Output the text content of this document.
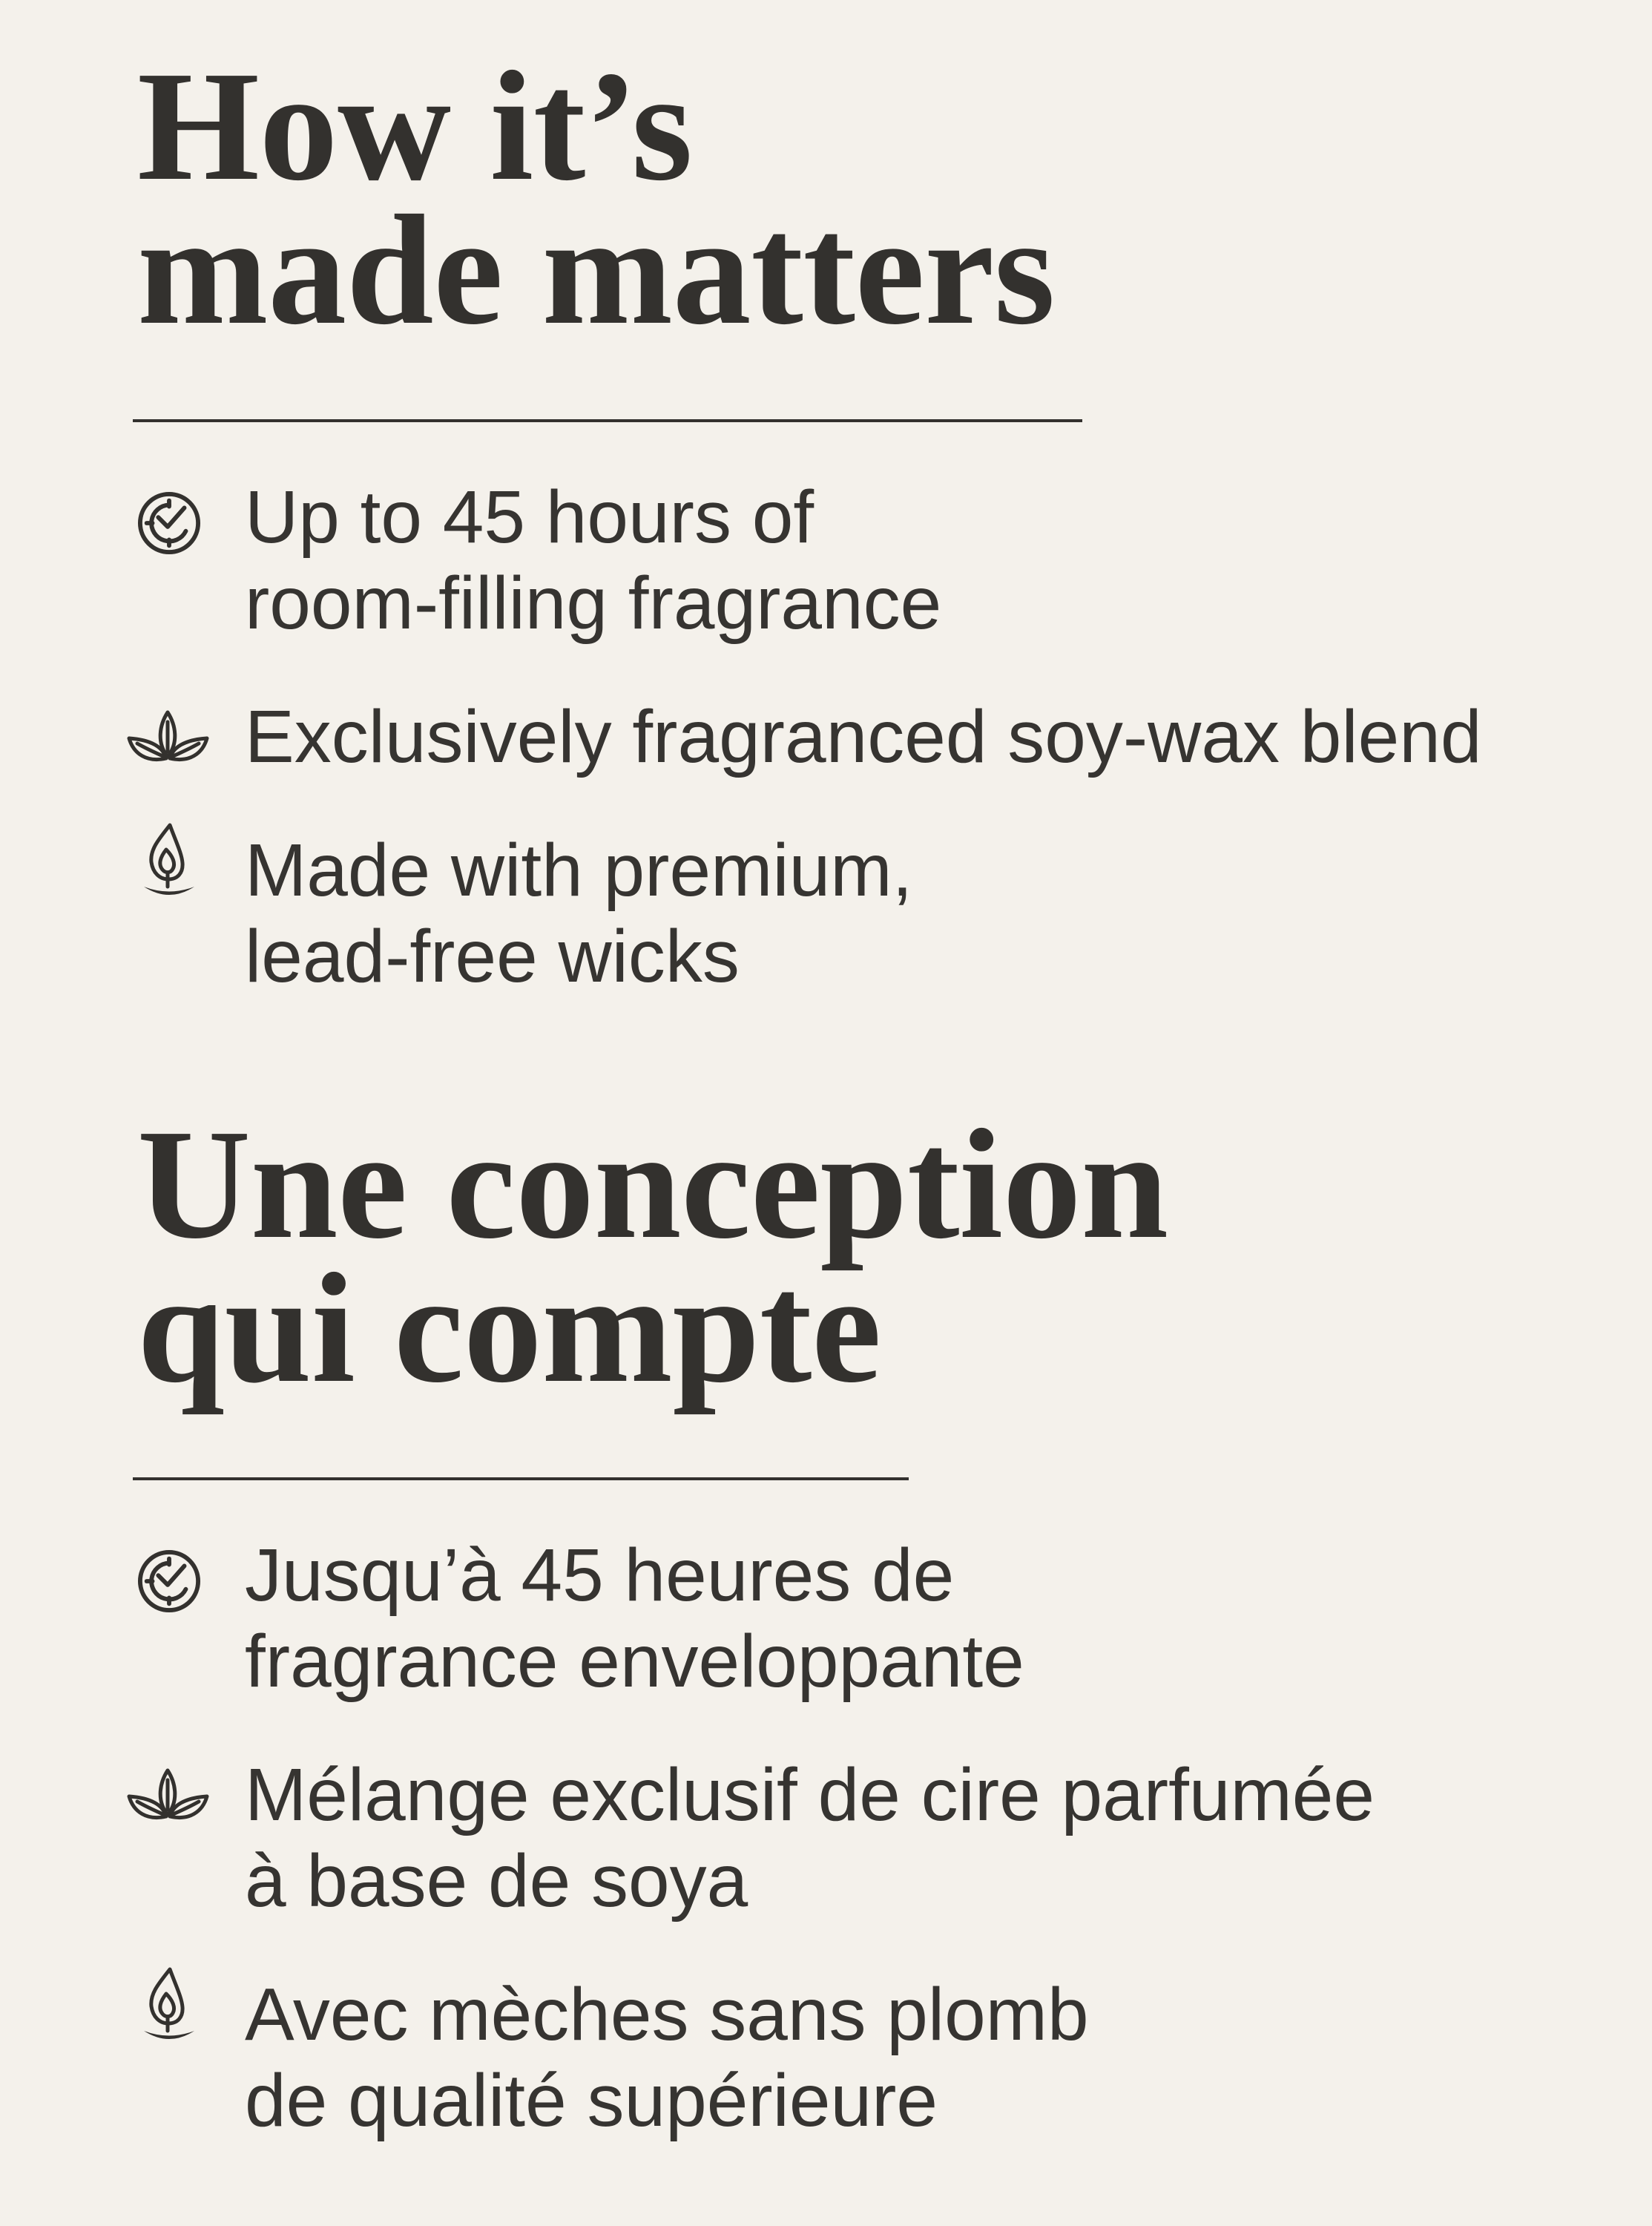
How it’s
made matters
Up to 45 hours of
room-filling fragrance
Exclusively fragranced soy-wax blend
Made with premium,
lead-free wicks
Une conception
qui compte
Jusqu’à 45 heures de
fragrance enveloppante
Mélange exclusif de cire parfumée
à base de soya
Avec mèches sans plomb
de qualité supérieure
